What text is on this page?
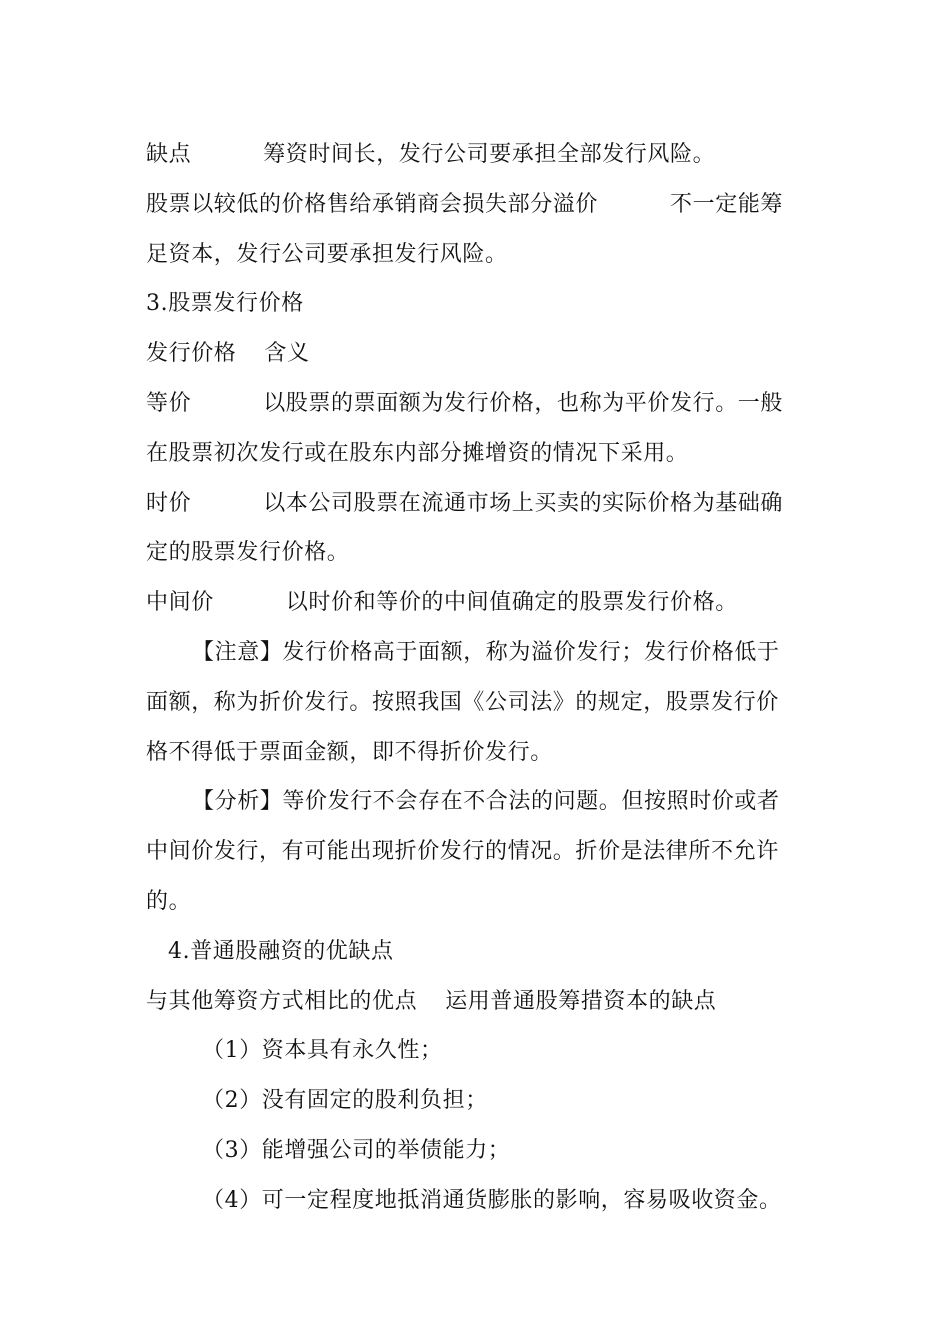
缺点	筹资时间长，发行公司要承担全部发行风险。
股票以较低的价格售给承销商会损失部分溢价	不一定能筹
足资本，发行公司要承担发行风险。
3.股票发行价格
发行价格 含义
等价	以股票的票面额为发行价格，也称为平价发行。一般
在股票初次发行或在股东内部分摊增资的情况下采用。
时价	以本公司股票在流通市场上买卖的实际价格为基础确
定的股票发行价格。
中间价	以时价和等价的中间值确定的股票发行价格。
【注意】发行价格高于面额，称为溢价发行；发行价格低于
面额，称为折价发行。按照我国《公司法》的规定，股票发行价
格不得低于票面金额，即不得折价发行。
【分析】等价发行不会存在不合法的问题。但按照时价或者
中间价发行，有可能出现折价发行的情况。折价是法律所不允许
的。
4.普通股融资的优缺点
与其他筹资方式相比的优点 运用普通股筹措资本的缺点
（1）资本具有永久性；
（2）没有固定的股利负担；
（3）能增强公司的举债能力；
（4）可一定程度地抵消通货膨胀的影响，容易吸收资金。
